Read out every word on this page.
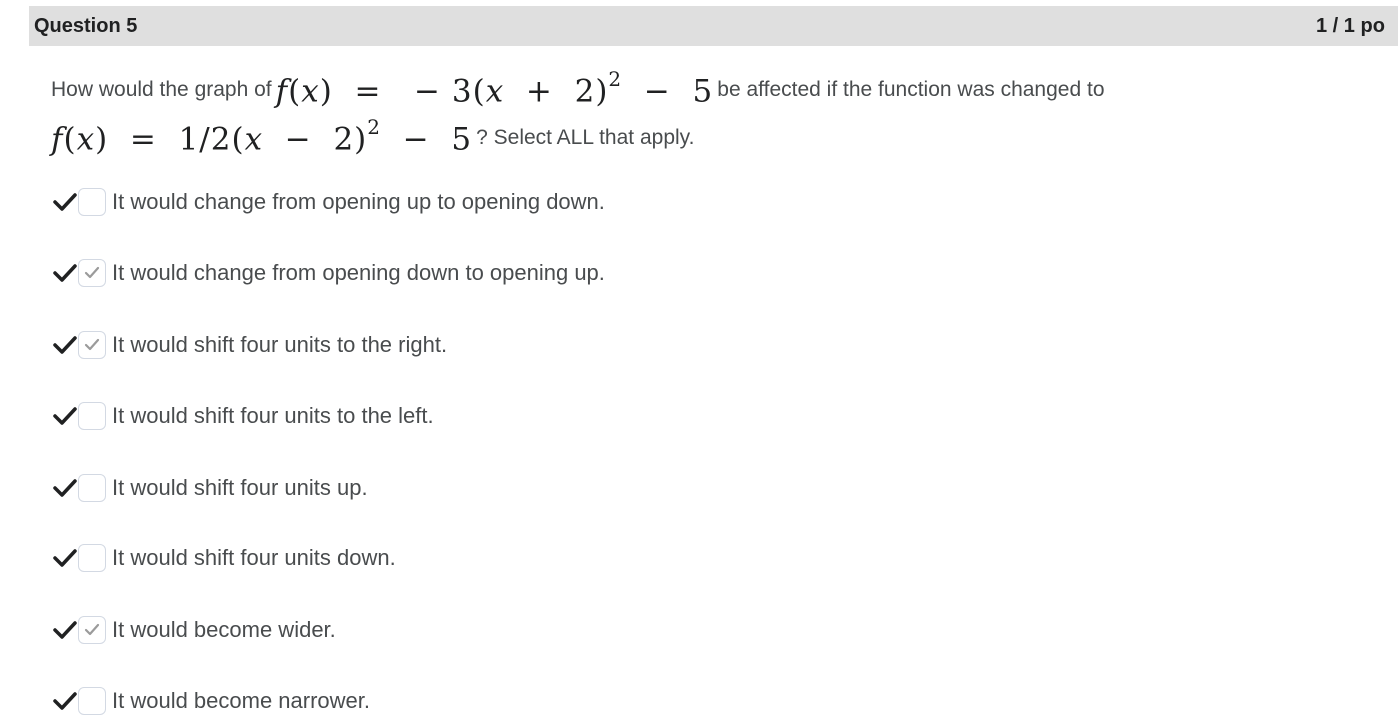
Question 5	1 / 1 po
How would the graph of f(x)  =   − $3(x + 2)^2 - 5$ be affected if the function was changed to
$f(x) = 1/2(x - 2)^2 - 5$ ? Select ALL that apply.
It would change from opening up to opening down.
It would change from opening down to opening up.
It would shift four units to the right.
It would shift four units to the left.
It would shift four units up.
It would shift four units down.
It would become wider.
It would become narrower.
